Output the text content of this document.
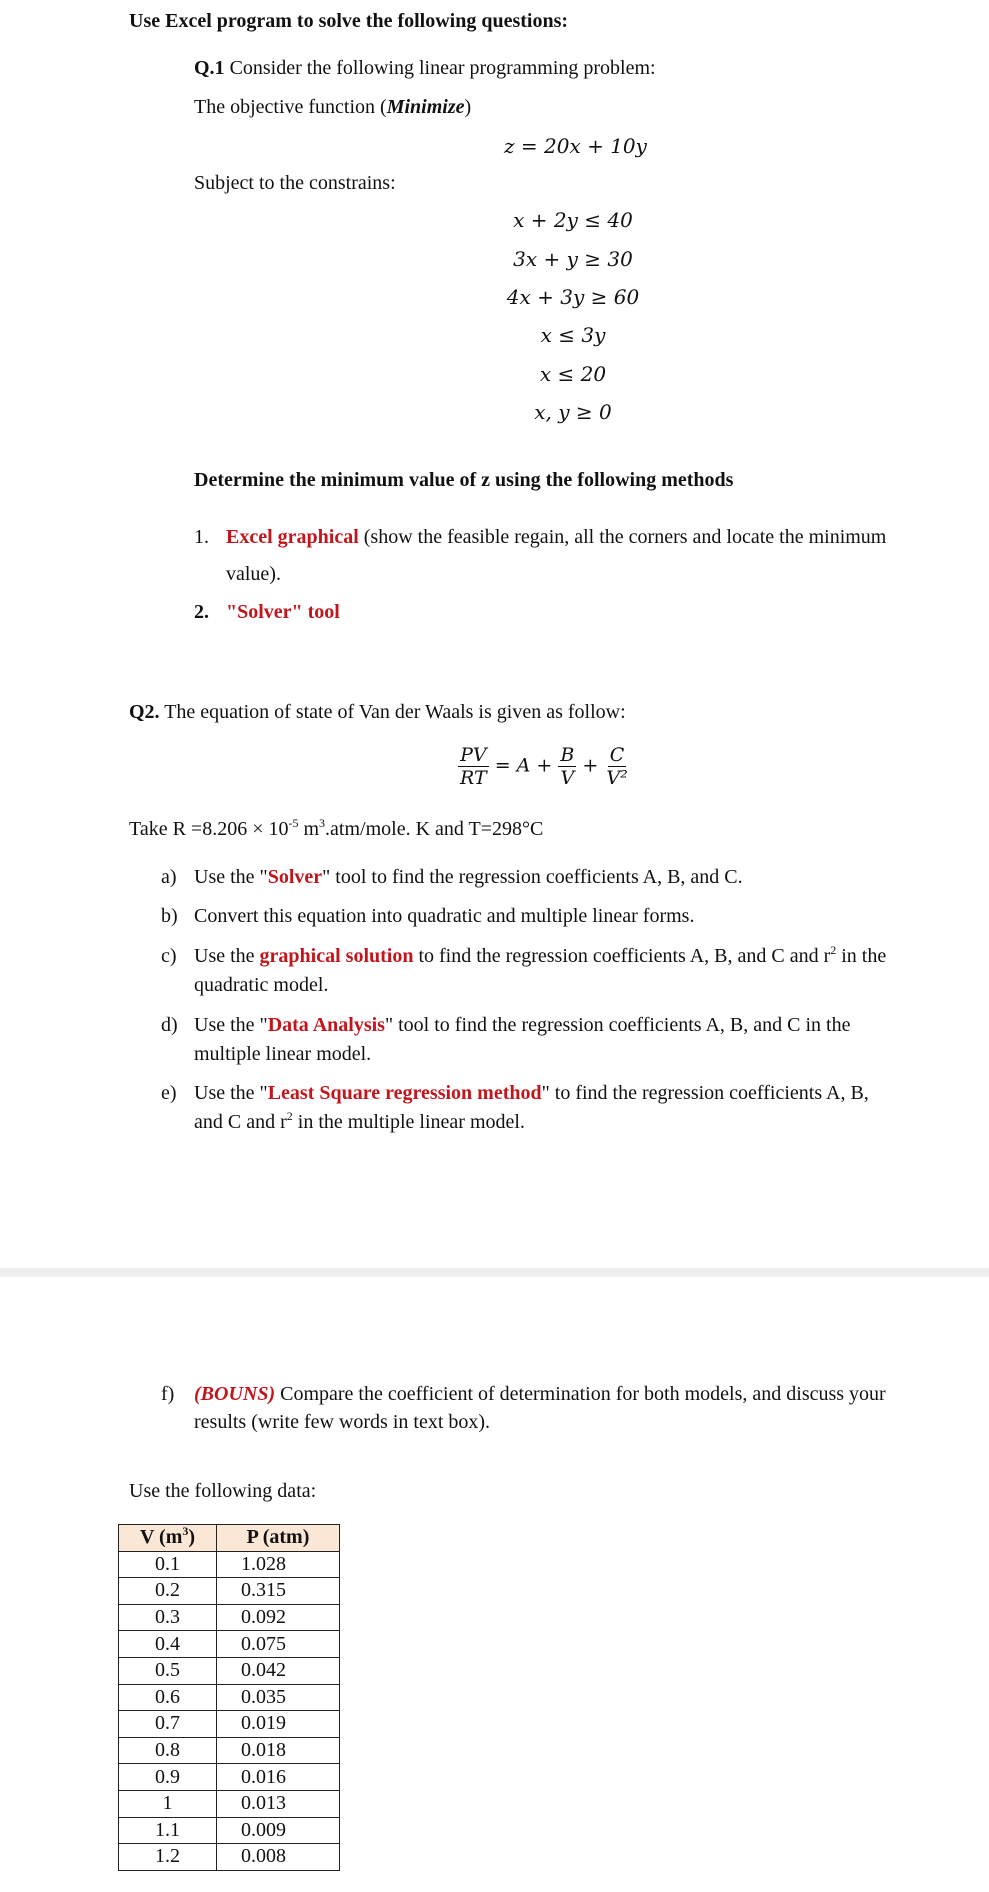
Use Excel program to solve the following questions:
Q.1 Consider the following linear programming problem:
The objective function (Minimize)
z = 20x + 10y
Subject to the constrains:
x + 2y ≤ 40
3x + y ≥ 30
4x + 3y ≥ 60
x ≤ 3y
x ≤ 20
x, y ≥ 0
Determine the minimum value of z using the following methods
1. Excel graphical (show the feasible regain, all the corners and locate the minimum
value).
2. "Solver" tool
Q2. The equation of state of Van der Waals is given as follow:
$\frac{PV}{RT} = A + \frac{B}{V} + \frac{C}{\text{V²}}$
Take $R =8.206 \times 10^{-5}$ $m^3.atm$/mole. K and T=298°C
a) Use the "Solver" tool to find the regression coefficients A, B, and C.
b) Convert this equation into quadratic and multiple linear forms.
c) Use the graphical solution to find the regression coefficients A, B, and C and $r^2$ in the
quadratic model.
d) Use the "Data Analysis" tool to find the regression coefficients A, B, and C in the
multiple linear model.
e) Use the "Least Square regression method" to find the regression coefficients A, B,
and C and $r^2$ in the multiple linear model.
f) (BOUNS) Compare the coefficient of determination for both models, and discuss your
results (write few words in text box).
Use the following data:
V $(m^3)$	P (atm)
0.1	1.028
0.2	0.315
0.3	0.092
0.4	0.075
0.5	0.042
0.6	0.035
0.7	0.019
0.8	0.018
0.9	0.016
1	0.013
1.1	0.009
1.2	0.008
